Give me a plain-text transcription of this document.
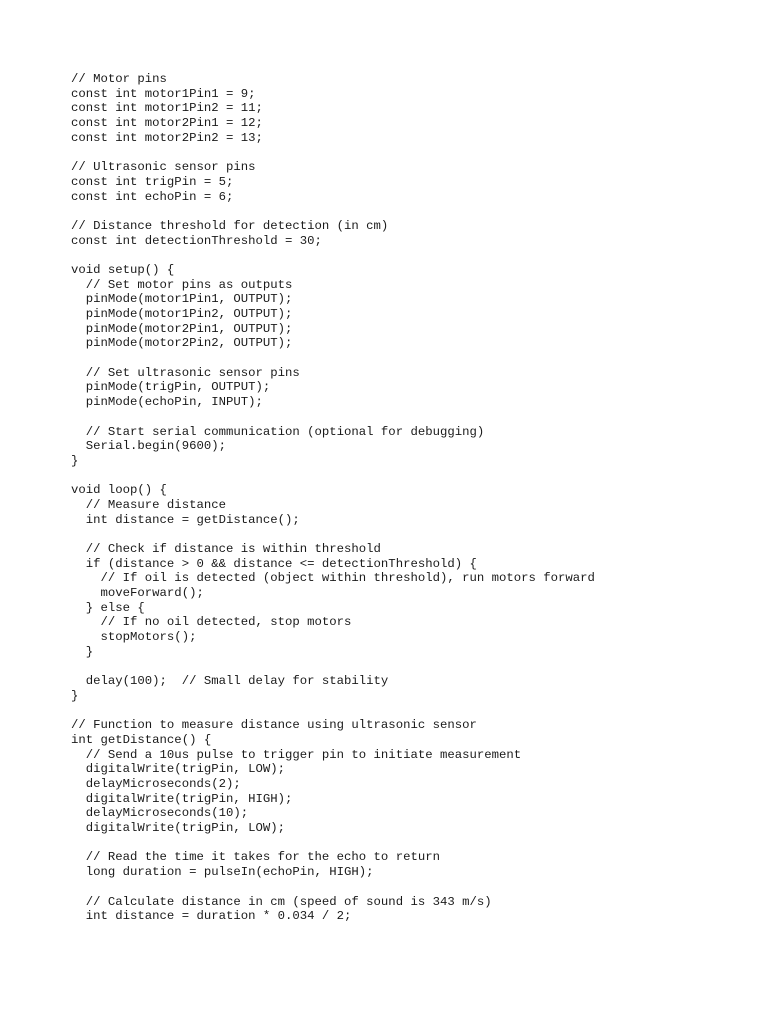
// Motor pins
const int motor1Pin1 = 9;
const int motor1Pin2 = 11;
const int motor2Pin1 = 12;
const int motor2Pin2 = 13;
// Ultrasonic sensor pins
const int trigPin = 5;
const int echoPin = 6;
// Distance threshold for detection (in cm)
const int detectionThreshold = 30;
void setup() {
// Set motor pins as outputs
pinMode(motor1Pin1, OUTPUT);
pinMode(motor1Pin2, OUTPUT);
pinMode(motor2Pin1, OUTPUT);
pinMode(motor2Pin2, OUTPUT);
// Set ultrasonic sensor pins
pinMode(trigPin, OUTPUT);
pinMode(echoPin, INPUT);
// Start serial communication (optional for debugging)
Serial.begin(9600);
}
void loop() {
// Measure distance
int distance = getDistance();
// Check if distance is within threshold
if (distance > 0 && distance <= detectionThreshold) {
// If oil is detected (object within threshold), run motors forward
moveForward();
} else {
// If no oil detected, stop motors
stopMotors();
}
delay(100);  // Small delay for stability
}
// Function to measure distance using ultrasonic sensor
int getDistance() {
// Send a 10us pulse to trigger pin to initiate measurement
digitalWrite(trigPin, LOW);
delayMicroseconds(2);
digitalWrite(trigPin, HIGH);
delayMicroseconds(10);
digitalWrite(trigPin, LOW);
// Read the time it takes for the echo to return
long duration = pulseIn(echoPin, HIGH);
// Calculate distance in cm (speed of sound is 343 m/s)
int distance = duration * 0.034 / 2;
